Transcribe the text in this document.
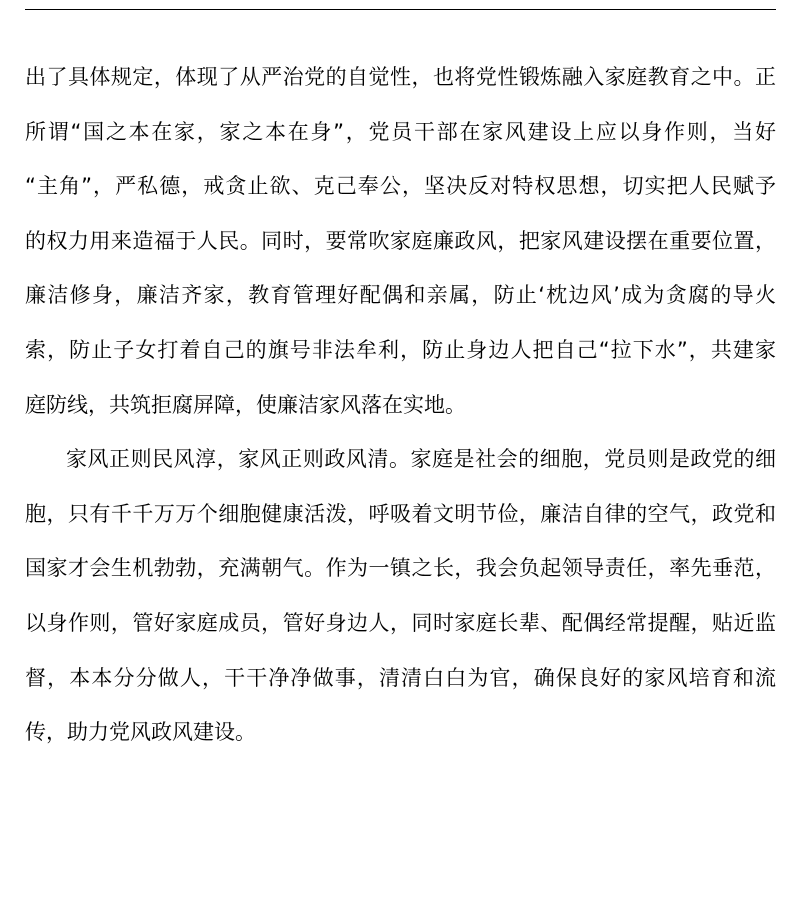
出了具体规定，体现了从严治党的自觉性，也将党性锻炼融入家庭教育之中。正
所谓“国之本在家，家之本在身”，党员干部在家风建设上应以身作则，当好
“主角”，严私德，戒贪止欲、克己奉公，坚决反对特权思想，切实把人民赋予
的权力用来造福于人民。同时，要常吹家庭廉政风，把家风建设摆在重要位置，
廉洁修身，廉洁齐家，教育管理好配偶和亲属，防止‘枕边风’成为贪腐的导火
索，防止子女打着自己的旗号非法牟利，防止身边人把自己“拉下水”，共建家
庭防线，共筑拒腐屏障，使廉洁家风落在实地。
家风正则民风淳，家风正则政风清。家庭是社会的细胞，党员则是政党的细
胞，只有千千万万个细胞健康活泼，呼吸着文明节俭，廉洁自律的空气，政党和
国家才会生机勃勃，充满朝气。作为一镇之长，我会负起领导责任，率先垂范，
以身作则，管好家庭成员，管好身边人，同时家庭长辈、配偶经常提醒，贴近监
督，本本分分做人，干干净净做事，清清白白为官，确保良好的家风培育和流
传，助力党风政风建设。
